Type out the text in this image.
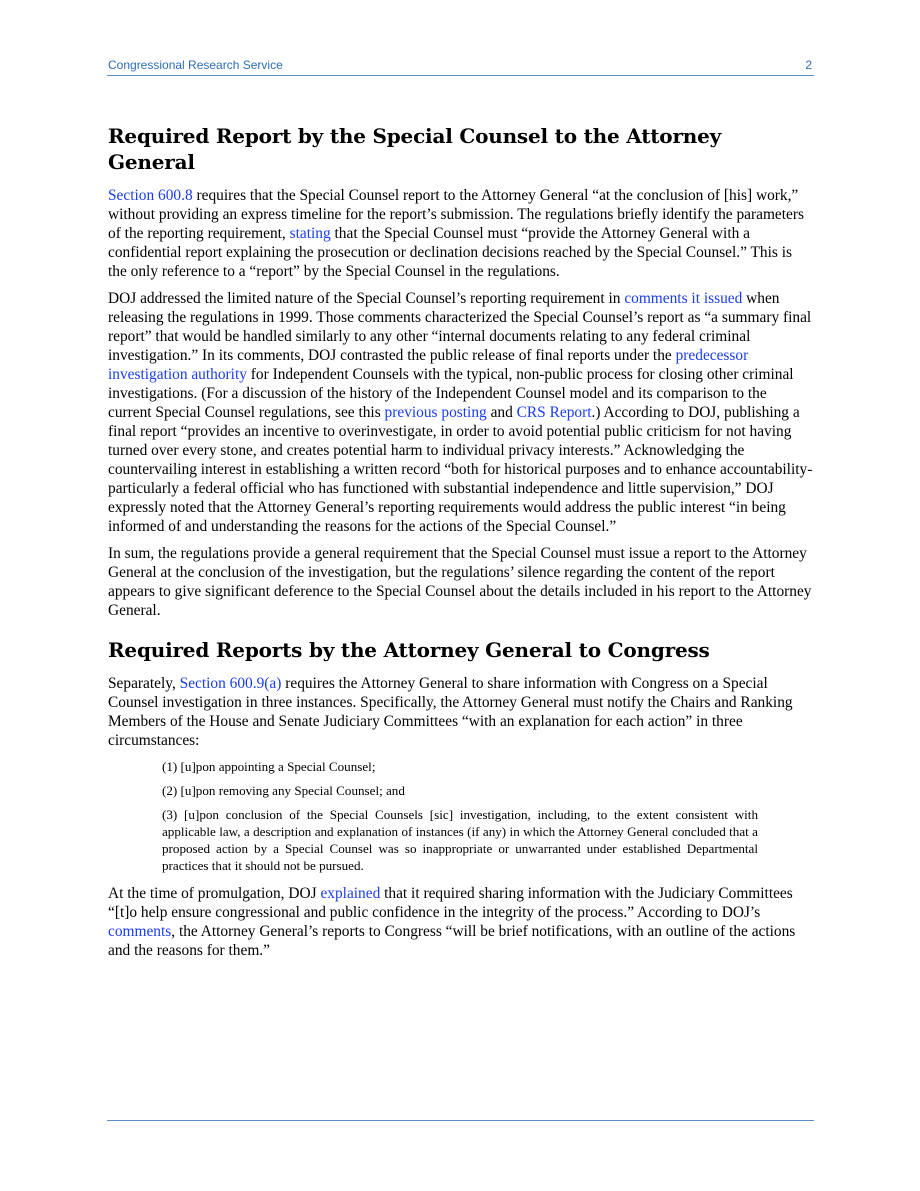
Congressional Research Service	2
Required Report by the Special Counsel to the Attorney General

Section 600.8 requires that the Special Counsel report to the Attorney General “at the conclusion of [his] work,” without providing an express timeline for the report’s submission. The regulations briefly identify the parameters of the reporting requirement, stating that the Special Counsel must “provide the Attorney General with a confidential report explaining the prosecution or declination decisions reached by the Special Counsel.” This is the only reference to a “report” by the Special Counsel in the regulations.

DOJ addressed the limited nature of the Special Counsel’s reporting requirement in comments it issued when releasing the regulations in 1999. Those comments characterized the Special Counsel’s report as “a summary final report” that would be handled similarly to any other “internal documents relating to any federal criminal investigation.” In its comments, DOJ contrasted the public release of final reports under the predecessor investigation authority for Independent Counsels with the typical, non-public process for closing other criminal investigations. (For a discussion of the history of the Independent Counsel model and its comparison to the current Special Counsel regulations, see this previous posting and CRS Report.) According to DOJ, publishing a final report “provides an incentive to overinvestigate, in order to avoid potential public criticism for not having turned over every stone, and creates potential harm to individual privacy interests.” Acknowledging the countervailing interest in establishing a written record “both for historical purposes and to enhance accountability-particularly a federal official who has functioned with substantial independence and little supervision,” DOJ expressly noted that the Attorney General’s reporting requirements would address the public interest “in being informed of and understanding the reasons for the actions of the Special Counsel.”

In sum, the regulations provide a general requirement that the Special Counsel must issue a report to the Attorney General at the conclusion of the investigation, but the regulations’ silence regarding the content of the report appears to give significant deference to the Special Counsel about the details included in his report to the Attorney General.

Required Reports by the Attorney General to Congress

Separately, Section 600.9(a) requires the Attorney General to share information with Congress on a Special Counsel investigation in three instances. Specifically, the Attorney General must notify the Chairs and Ranking Members of the House and Senate Judiciary Committees “with an explanation for each action” in three circumstances:

(1) [u]pon appointing a Special Counsel;
(2) [u]pon removing any Special Counsel; and
(3) [u]pon conclusion of the Special Counsels [sic] investigation, including, to the extent consistent with applicable law, a description and explanation of instances (if any) in which the Attorney General concluded that a proposed action by a Special Counsel was so inappropriate or unwarranted under established Departmental practices that it should not be pursued.

At the time of promulgation, DOJ explained that it required sharing information with the Judiciary Committees “[t]o help ensure congressional and public confidence in the integrity of the process.” According to DOJ’s comments, the Attorney General’s reports to Congress “will be brief notifications, with an outline of the actions and the reasons for them.”
